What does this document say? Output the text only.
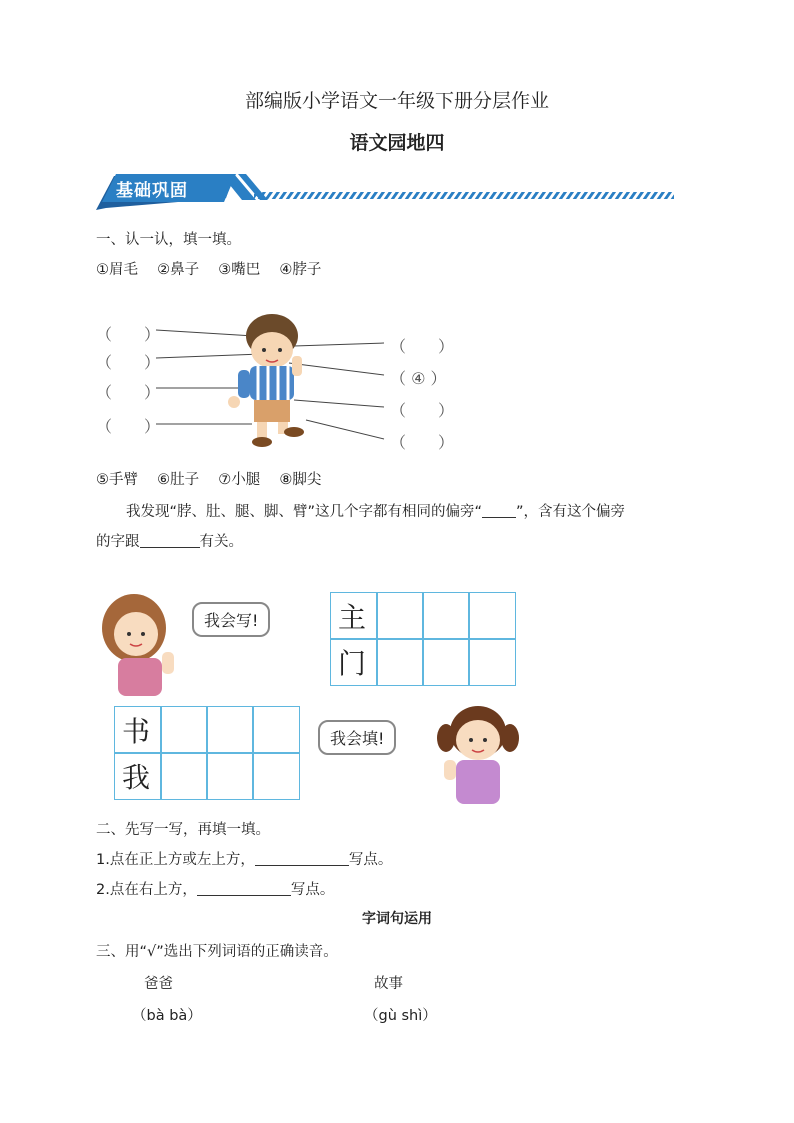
部编版小学语文一年级下册分层作业
语文园地四
基础巩固
一、认一认，填一填。
①眉毛　 ②鼻子　 ③嘴巴　 ④脖子
（　　）
（　　）
（　　）
（　　）
（　　）
（ ④ ）
（　　）
（　　）
⑤手臂　 ⑥肚子　 ⑦小腿　 ⑧脚尖
我发现“脖、肚、腿、脚、臂”这几个字都有相同的偏旁“ ”，含有这个偏旁
的字跟	有关。
我会写!	主
门
书
我
我会填!
二、先写一写，再填一填。
1.点在正上方或左上方，	写点。
2.点在右上方，	写点。
字词句运用
三、用“√”选出下列词语的正确读音。
爸爸
（bà bà）
故事
（gù shì）
